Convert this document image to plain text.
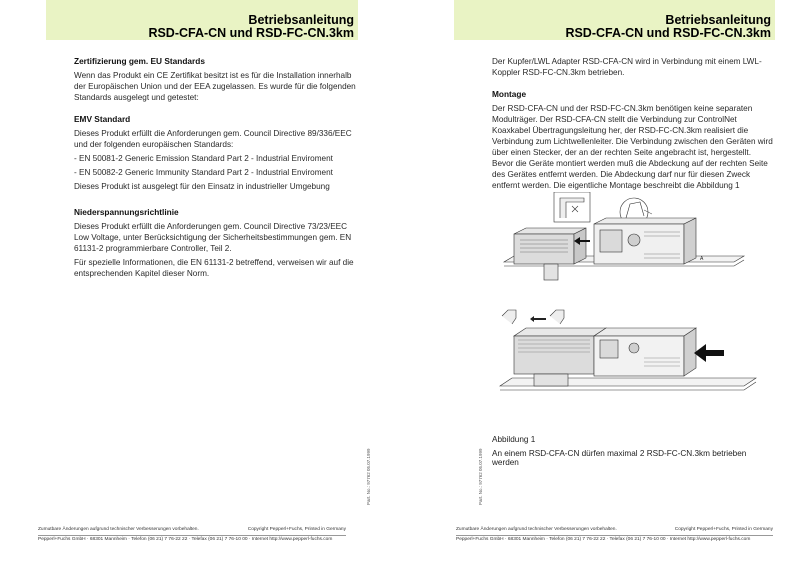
Betriebsanleitung
RSD-CFA-CN und RSD-FC-CN.3km
Zertifizierung gem. EU Standards
Wenn das Produkt ein CE Zertifikat besitzt ist es für die Installation innerhalb der Europäischen Union und der EEA zugelassen. Es wurde für die folgenden Standards ausgelegt und getestet:
EMV Standard
Dieses Produkt erfüllt die Anforderungen gem. Council Directive 89/336/EEC und der folgenden europäischen Standards:
- EN 50081-2 Generic Emission Standard Part 2 - Industrial Enviroment
- EN 50082-2 Generic Immunity Standard Part 2 - Industrial Enviroment
Dieses Produkt ist ausgelegt für den Einsatz in industrieller Umgebung
Niederspannungsrichtlinie
Dieses Produkt erfüllt die Anforderungen gem. Council Directive 73/23/EEC Low Voltage, unter Berücksichtigung der Sicherheitsbestimmungen gem. EN 61131-2 programmierbare Controller, Teil 2.
Für spezielle Informationen, die EN 61131-2 betreffend, verweisen wir auf die entsprechenden Kapitel dieser Norm.
Part. No.: 97762 05.07.1999
Zumutbare Änderungen aufgrund technischer Verbesserungen vorbehalten.	Copyright Pepperl+Fuchs, Printed in Germany
Pepperl+Fuchs GmbH · 68301 Mannheim · Telefon (06 21) 7 76-22 22 · Telefax (06 21) 7 76-10 00 · Internet http://www.pepperl-fuchs.com
Betriebsanleitung
RSD-CFA-CN und RSD-FC-CN.3km
Der Kupfer/LWL Adapter RSD-CFA-CN wird in Verbindung mit einem LWL-Koppler RSD-FC-CN.3km betrieben.
Montage
Der RSD-CFA-CN und der RSD-FC-CN.3km benötigen keine separaten Modulträger. Der RSD-CFA-CN stellt die Verbindung zur ControlNet Koaxkabel Übertragungsleitung her, der RSD-FC-CN.3km realisiert die Verbindung zum Lichtwellenleiter. Die Verbindung zwischen den Geräten wird über einen Stecker, der an der rechten Seite angebracht ist, hergestellt. Bevor die Geräte montiert werden muß die Abdeckung auf der rechten Seite des Gerätes entfernt werden. Die Abdeckung darf nur für diesen Zweck entfernt werden. Die eigentliche Montage beschreibt die Abbildung 1
A
Abbildung 1
An einem RSD-CFA-CN dürfen maximal 2 RSD-FC-CN.3km betrieben werden
Part. No.: 97762 05.07.1999
Zumutbare Änderungen aufgrund technischer Verbesserungen vorbehalten.	Copyright Pepperl+Fuchs, Printed in Germany
Pepperl+Fuchs GmbH · 68301 Mannheim · Telefon (06 21) 7 76-22 22 · Telefax (06 21) 7 76-10 00 · Internet http://www.pepperl-fuchs.com
